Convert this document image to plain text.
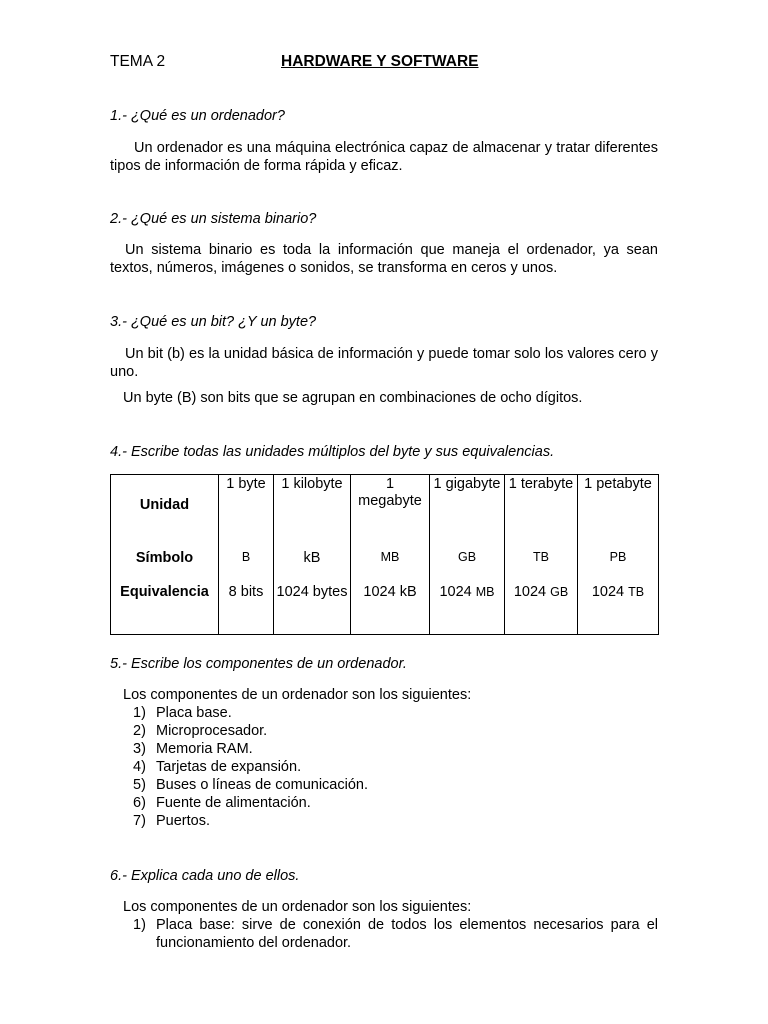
TEMA 2	HARDWARE Y SOFTWARE
1.- ¿Qué es un ordenador?
Un ordenador es una máquina electrónica capaz de almacenar y tratar diferentes tipos de información de forma rápida y eficaz.
2.- ¿Qué es un sistema binario?
Un sistema binario es toda la información que maneja el ordenador, ya sean textos, números, imágenes o sonidos, se transforma en ceros y unos.
3.- ¿Qué es un bit? ¿Y un byte?
Un bit (b) es la unidad básica de información y puede tomar solo los valores cero y uno.
Un byte (B) son bits que se agrupan en combinaciones de ocho dígitos.
4.- Escribe todas las unidades múltiplos del byte y sus equivalencias.
Unidad	1 byte	1 kilobyte	1 megabyte	1 gigabyte	1 terabyte	1 petabyte
Símbolo	B	kB	MB	GB	TB	PB
Equivalencia	8 bits	1024 bytes	1024 kB	1024 MB	1024 GB	1024 TB
5.- Escribe los componentes de un ordenador.
Los componentes de un ordenador son los siguientes:
1) Placa base.
2) Microprocesador.
3) Memoria RAM.
4) Tarjetas de expansión.
5) Buses o líneas de comunicación.
6) Fuente de alimentación.
7) Puertos.
6.- Explica cada uno de ellos.
Los componentes de un ordenador son los siguientes:
1) Placa base: sirve de conexión de todos los elementos necesarios para el funcionamiento del ordenador.
